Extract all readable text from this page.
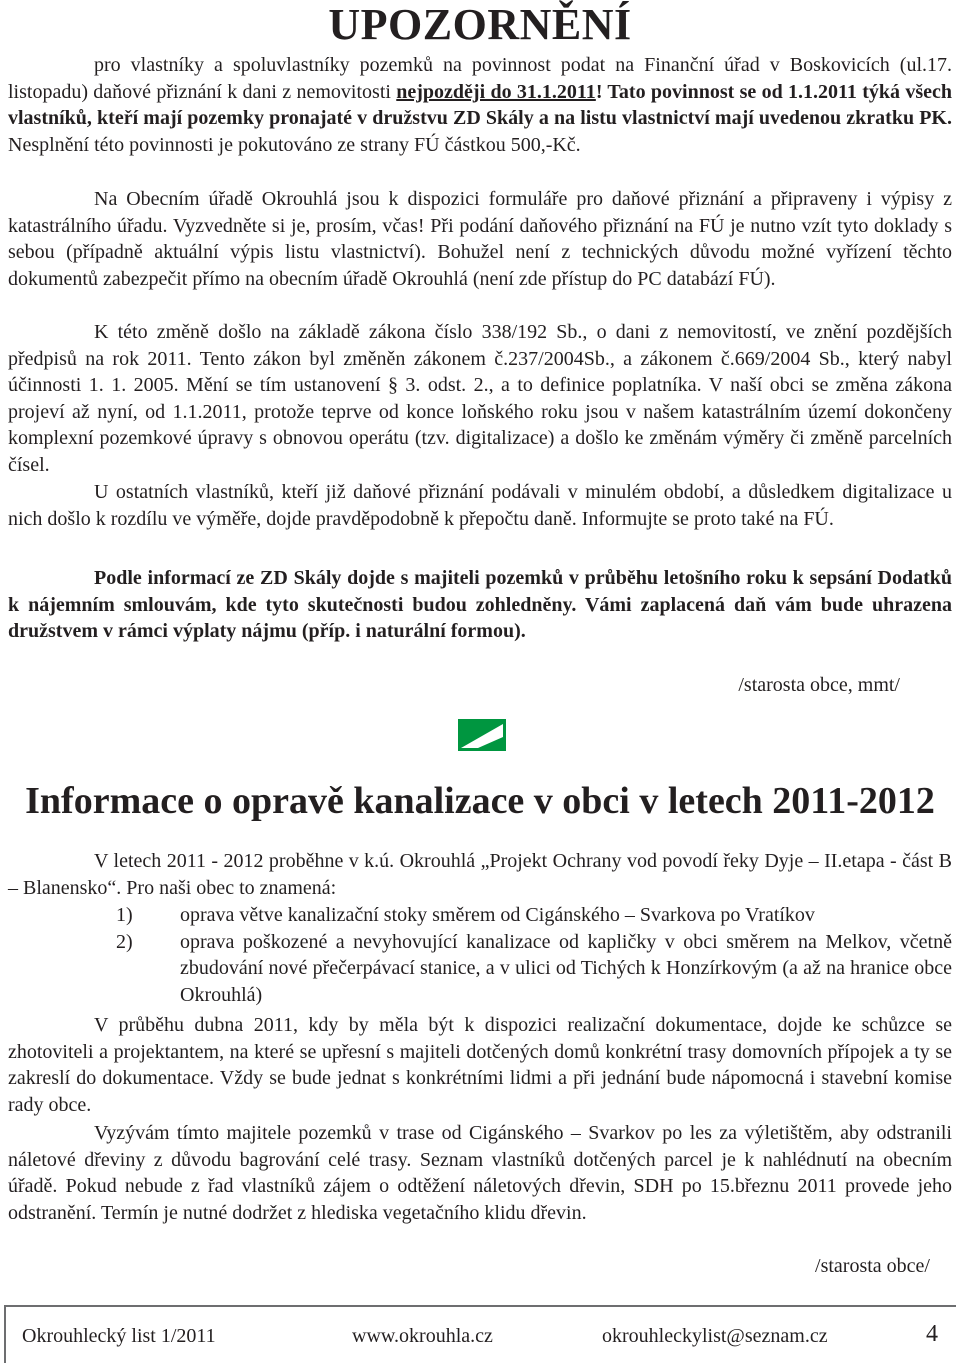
UPOZORNĚNÍ

pro vlastníky a spoluvlastníky pozemků na povinnost podat na Finanční úřad v Boskovicích (ul.17. listopadu) daňové přiznání k dani z nemovitosti nejpozději do 31.1.2011! Tato povinnost se od 1.1.2011 týká všech vlastníků, kteří mají pozemky pronajaté v družstvu ZD Skály a na listu vlastnictví mají uvedenou zkratku PK. Nesplnění této povinnosti je pokutováno ze strany FÚ částkou 500,-Kč.

Na Obecním úřadě Okrouhlá jsou k dispozici formuláře pro daňové přiznání a připraveny i výpisy z katastrálního úřadu. Vyzvedněte si je, prosím, včas! Při podání daňového přiznání na FÚ je nutno vzít tyto doklady s sebou (případně aktuální výpis listu vlastnictví). Bohužel není z technických důvodu možné vyřízení těchto dokumentů zabezpečit přímo na obecním úřadě Okrouhlá (není zde přístup do PC databází FÚ).

K této změně došlo na základě zákona číslo 338/192 Sb., o dani z nemovitostí, ve znění pozdějších předpisů na rok 2011. Tento zákon byl změněn zákonem č.237/2004Sb., a zákonem č.669/2004 Sb., který nabyl účinnosti 1. 1. 2005. Mění se tím ustanovení § 3. odst. 2., a to definice poplatníka. V naší obci se změna zákona projeví až nyní, od 1.1.2011, protože teprve od konce loňského roku jsou v našem katastrálním území dokončeny komplexní pozemkové úpravy s obnovou operátu (tzv. digitalizace) a došlo ke změnám výměry či změně parcelních čísel.

U ostatních vlastníků, kteří již daňové přiznání podávali v minulém období, a důsledkem digitalizace u nich došlo k rozdílu ve výměře, dojde pravděpodobně k přepočtu daně. Informujte se proto také na FÚ.

Podle informací ze ZD Skály dojde s majiteli pozemků v průběhu letošního roku k sepsání Dodatků k nájemním smlouvám, kde tyto skutečnosti budou zohledněny. Vámi zaplacená daň vám bude uhrazena družstvem v rámci výplaty nájmu (příp. i naturální formou).

/starosta obce, mmt/
Informace o opravě kanalizace v obci v letech 2011-2012

V letech 2011 - 2012 proběhne v k.ú. Okrouhlá „Projekt Ochrany vod povodí řeky Dyje – II.etapa - část B – Blanensko“. Pro naši obec to znamená:

1) oprava větve kanalizační stoky směrem od Cigánského – Svarkova po Vratíkov
2) oprava poškozené a nevyhovující kanalizace od kapličky v obci směrem na Melkov, včetně zbudování nové přečerpávací stanice, a v ulici od Tichých k Honzírkovým (a až na hranice obce Okrouhlá)

V průběhu dubna 2011, kdy by měla být k dispozici realizační dokumentace, dojde ke schůzce se zhotoviteli a projektantem, na které se upřesní s majiteli dotčených domů konkrétní trasy domovních přípojek a ty se zakreslí do dokumentace. Vždy se bude jednat s konkrétními lidmi a při jednání bude nápomocná i stavební komise rady obce.

Vyzývám tímto majitele pozemků v trase od Cigánského – Svarkov po les za výletištěm, aby odstranili náletové dřeviny z důvodu bagrování celé trasy. Seznam vlastníků dotčených parcel je k nahlédnutí na obecním úřadě. Pokud nebude z řad vlastníků zájem o odtěžení náletových dřevin, SDH po 15.březnu 2011 provede jeho odstranění. Termín je nutné dodržet z hlediska vegetačního klidu dřevin.

/starosta obce/
Okrouhlecký list 1/2011	www.okrouhla.cz	okrouhleckylist@seznam.cz	4
